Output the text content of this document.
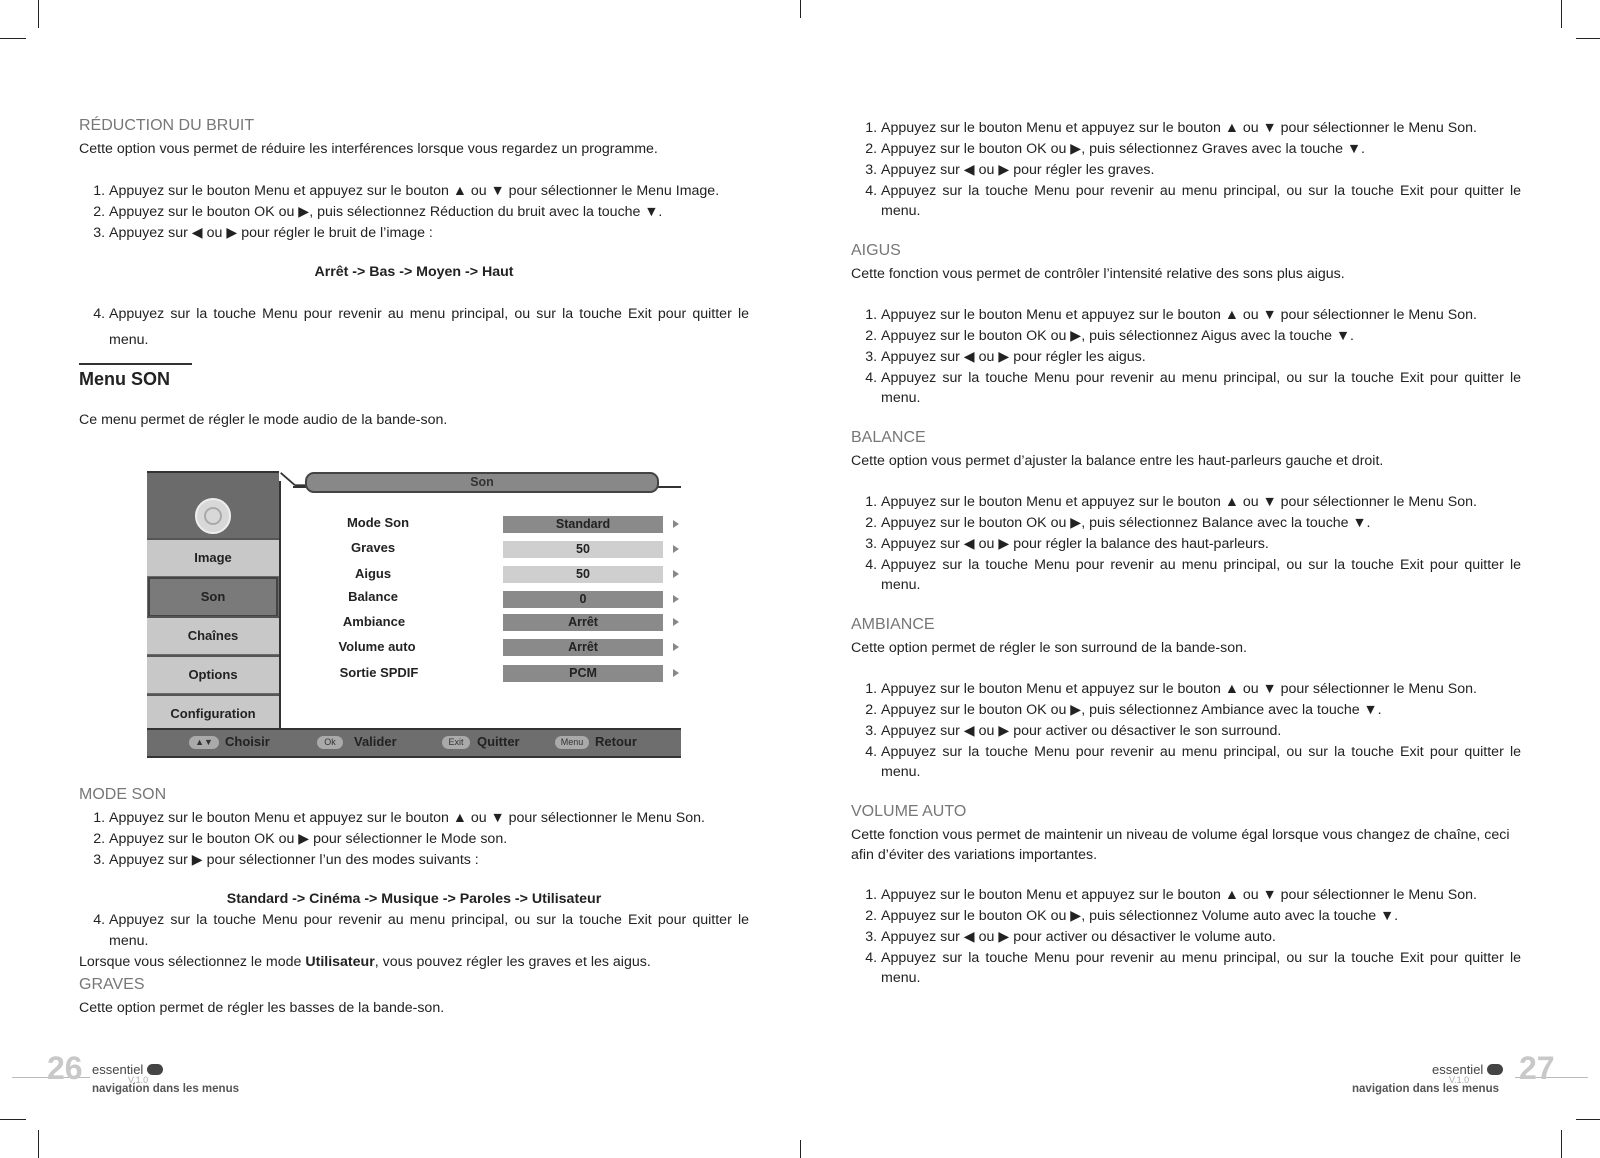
RÉDUCTION DU BRUIT

Cette option vous permet de réduire les interférences lorsque vous regardez un programme.

1. Appuyez sur le bouton Menu et appuyez sur le bouton ▲ ou ▼ pour sélectionner le Menu Image.
2. Appuyez sur le bouton OK ou ▶, puis sélectionnez Réduction du bruit avec la touche ▼.
3. Appuyez sur ◀ ou ▶ pour régler le bruit de l’image :
Arrêt -> Bas -> Moyen -> Haut
4. Appuyez sur la touche Menu pour revenir au menu principal, ou sur la touche Exit pour quitter le menu.
Menu SON

Ce menu permet de régler le mode audio de la bande-son.

MODE SON
1. Appuyez sur le bouton Menu et appuyez sur le bouton ▲ ou ▼ pour sélectionner le Menu Son.
2. Appuyez sur le bouton OK ou ▶ pour sélectionner le Mode son.
3. Appuyez sur ▶ pour sélectionner l’un des modes suivants :
Standard -> Cinéma -> Musique -> Paroles -> Utilisateur
4. Appuyez sur la touche Menu pour revenir au menu principal, ou sur la touche Exit pour quitter le menu.

Lorsque vous sélectionnez le mode Utilisateur, vous pouvez régler les graves et les aigus.

GRAVES

Cette option permet de régler les basses de la bande-son.

Son
Image
Son
Chaînes
Options
Configuration
Mode Son	Standard
Graves	50
Aigus	50
Balance	0
Ambiance	Arrêt
Volume auto	Arrêt
Sortie SPDIF	PCM
▲▼ Choisir	Ok	Valider	Exit	Quitter	Menu Retour
1. Appuyez sur le bouton Menu et appuyez sur le bouton ▲ ou ▼ pour sélectionner le Menu Son.
2. Appuyez sur le bouton OK ou ▶, puis sélectionnez Graves avec la touche ▼.
3. Appuyez sur ◀ ou ▶ pour régler les graves.
4. Appuyez sur la touche Menu pour revenir au menu principal, ou sur la touche Exit pour quitter le menu.
AIGUS

Cette fonction vous permet de contrôler l’intensité relative des sons plus aigus.

1. Appuyez sur le bouton Menu et appuyez sur le bouton ▲ ou ▼ pour sélectionner le Menu Son.
2. Appuyez sur le bouton OK ou ▶, puis sélectionnez Aigus avec la touche ▼.
3. Appuyez sur ◀ ou ▶ pour régler les aigus.
4. Appuyez sur la touche Menu pour revenir au menu principal, ou sur la touche Exit pour quitter le menu.
BALANCE

Cette option vous permet d’ajuster la balance entre les haut-parleurs gauche et droit.

1. Appuyez sur le bouton Menu et appuyez sur le bouton ▲ ou ▼ pour sélectionner le Menu Son.
2. Appuyez sur le bouton OK ou ▶, puis sélectionnez Balance avec la touche ▼.
3. Appuyez sur ◀ ou ▶ pour régler la balance des haut-parleurs.
4. Appuyez sur la touche Menu pour revenir au menu principal, ou sur la touche Exit pour quitter le menu.
AMBIANCE

Cette option permet de régler le son surround de la bande-son.

1. Appuyez sur le bouton Menu et appuyez sur le bouton ▲ ou ▼ pour sélectionner le Menu Son.
2. Appuyez sur le bouton OK ou ▶, puis sélectionnez Ambiance avec la touche ▼.
3. Appuyez sur ◀ ou ▶ pour activer ou désactiver le son surround.
4. Appuyez sur la touche Menu pour revenir au menu principal, ou sur la touche Exit pour quitter le menu.
VOLUME AUTO

Cette fonction vous permet de maintenir un niveau de volume égal lorsque vous changez de chaîne, ceci afin d’éviter des variations importantes.

1. Appuyez sur le bouton Menu et appuyez sur le bouton ▲ ou ▼ pour sélectionner le Menu Son.
2. Appuyez sur le bouton OK ou ▶, puis sélectionnez Volume auto avec la touche ▼.
3. Appuyez sur ◀ ou ▶ pour activer ou désactiver le volume auto.
4. Appuyez sur la touche Menu pour revenir au menu principal, ou sur la touche Exit pour quitter le menu.
26 essentiel
V.1.0
navigation dans les menus
27
essentiel
V.1.0
navigation dans les menus
